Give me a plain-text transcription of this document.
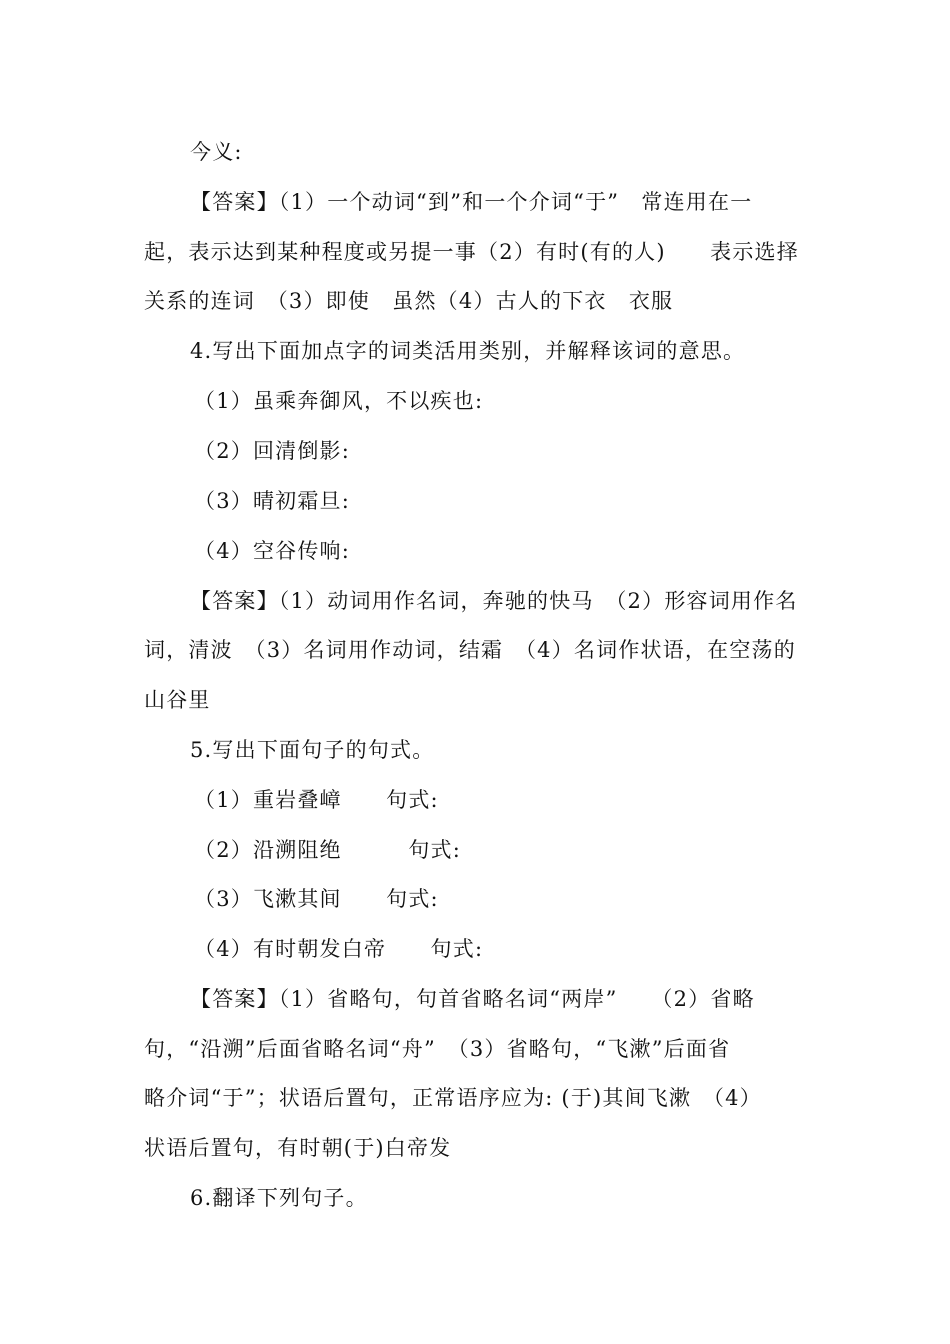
今义:
【答案】（1）一个动词“到”和一个介词“于”　常连用在一
起，表示达到某种程度或另提一事（2）有时(有的人)　　表示选择
关系的连词　（3）即使　虽然（4）古人的下衣　衣服
4.写出下面加点字的词类活用类别，并解释该词的意思。
（1）虽乘奔御风，不以疾也:
（2）回清倒影:
（3）晴初霜旦:
（4）空谷传响:
【答案】（1）动词用作名词，奔驰的快马　（2）形容词用作名
词，清波　（3）名词用作动词，结霜　（4）名词作状语，在空荡的
山谷里
5.写出下面句子的句式。
（1）重岩叠嶂　　句式:
（2）沿溯阻绝　　　句式:
（3）飞漱其间　　句式:
（4）有时朝发白帝　　句式:
【答案】（1）省略句，句首省略名词“两岸”　　（2）省略
句，“沿溯”后面省略名词“舟”　（3）省略句，“飞漱”后面省
略介词“于”；状语后置句，正常语序应为: (于)其间飞漱　（4）
状语后置句，有时朝(于)白帝发
6.翻译下列句子。
